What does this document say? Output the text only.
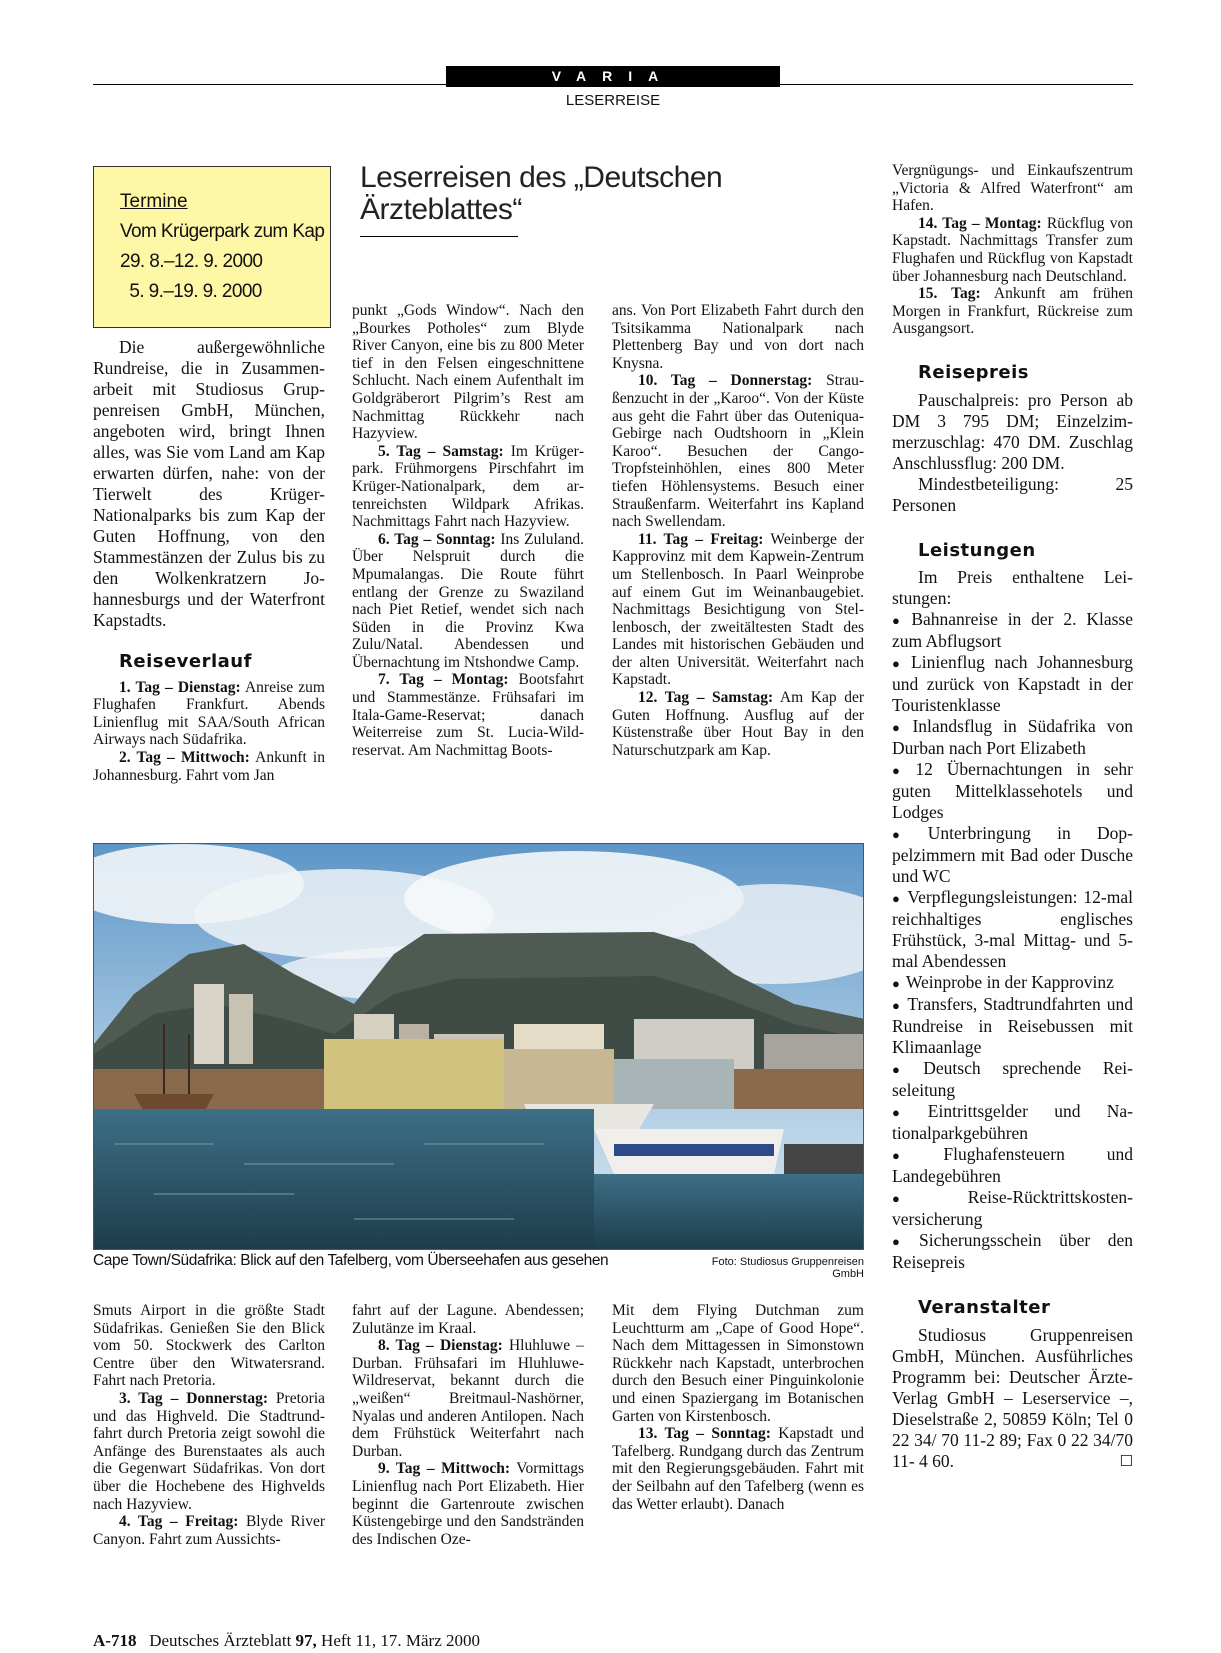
VARIA
LESERREISE
Termine
Vom Krügerpark zum Kap
29. 8.–12. 9. 2000
5. 9.–19. 9. 2000
Leserreisen des „Deutschen
Ärzteblattes“

Die außergewöhnliche Rundreise, die in Zusammenarbeit mit Studiosus Gruppenreisen GmbH, München, angeboten wird, bringt Ihnen alles, was Sie vom Land am Kap erwarten dürfen, nahe: von der Tierwelt des Krüger-Nationalparks bis zum Kap der Guten Hoffnung, von den Stammestänzen der Zulus bis zu den Wolkenkratzern Johannesburgs und der Waterfront Kapstadts.

Reiseverlauf

1. Tag – Dienstag: Anreise zum Flughafen Frankfurt. Abends Linienflug mit SAA/South African Airways nach Südafrika.

2. Tag – Mittwoch: Ankunft in Johannesburg. Fahrt vom Jan

punkt „Gods Window“. Nach den „Bourkes Potholes“ zum Blyde River Canyon, eine bis zu 800 Meter tief in den Felsen eingeschnittene Schlucht. Nach einem Aufenthalt im Goldgräberort Pilgrim’s Rest am Nachmittag Rückkehr nach Hazyview.

5. Tag – Samstag: Im Krügerpark. Frühmorgens Pirschfahrt im Krüger-Nationalpark, dem artenreichsten Wildpark Afrikas. Nachmittags Fahrt nach Hazyview.

6. Tag – Sonntag: Ins Zululand. Über Nelspruit durch die Mpumalangas. Die Route führt entlang der Grenze zu Swaziland nach Piet Retief, wendet sich nach Süden in die Provinz Kwa Zulu/Natal. Abendessen und Übernachtung im Ntshondwe Camp.

7. Tag – Montag: Bootsfahrt und Stammestänze. Frühsafari im Itala-Game-Reservat; danach Weiterreise zum St. Lucia-Wildreservat. Am Nachmittag Boots-

ans. Von Port Elizabeth Fahrt durch den Tsitsikamma Nationalpark nach Plettenberg Bay und von dort nach Knysna.

10. Tag – Donnerstag: Straußenzucht in der „Karoo“. Von der Küste aus geht die Fahrt über das Outeniqua-Gebirge nach Oudtshoorn in „Klein Karoo“. Besuchen der Cango-Tropfsteinhöhlen, eines 800 Meter tiefen Höhlensystems. Besuch einer Straußenfarm. Weiterfahrt ins Kapland nach Swellendam.

11. Tag – Freitag: Weinberge der Kapprovinz mit dem Kapwein-Zentrum um Stellenbosch. In Paarl Weinprobe auf einem Gut im Weinanbaugebiet. Nachmittags Besichtigung von Stellenbosch, der zweitältesten Stadt des Landes mit historischen Gebäuden und der alten Universität. Weiterfahrt nach Kapstadt.

12. Tag – Samstag: Am Kap der Guten Hoffnung. Ausflug auf der Küstenstraße über Hout Bay in den Naturschutzpark am Kap.

Vergnügungs- und Einkaufszentrum „Victoria & Alfred Waterfront“ am Hafen.

14. Tag – Montag: Rückflug von Kapstadt. Nachmittags Transfer zum Flughafen und Rückflug von Kapstadt über Johannesburg nach Deutschland.

15. Tag: Ankunft am frühen Morgen in Frankfurt, Rückreise zum Ausgangsort.

Reisepreis

Pauschalpreis: pro Person ab DM 3 795 DM; Einzelzimmerzuschlag: 470 DM. Zuschlag Anschlussflug: 200 DM.

Mindestbeteiligung: 25 Personen

Leistungen

Im Preis enthaltene Leistungen:

● Bahnanreise in der 2. Klasse zum Abflugsort

● Linienflug nach Johannesburg und zurück von Kapstadt in der Touristenklasse

● Inlandsflug in Südafrika von Durban nach Port Elizabeth

● 12 Übernachtungen in sehr guten Mittelklassehotels und Lodges

● Unterbringung in Doppelzimmern mit Bad oder Dusche und WC

● Verpflegungsleistungen: 12-mal reichhaltiges englisches Frühstück, 3-mal Mittag- und 5-mal Abendessen

● Weinprobe in der Kapprovinz

● Transfers, Stadtrundfahrten und Rundreise in Reisebussen mit Klimaanlage

● Deutsch sprechende Reiseleitung

● Eintrittsgelder und Nationalparkgebühren

● Flughafensteuern und Landegebühren

● Reise-Rücktrittskostenversicherung

● Sicherungsschein über den Reisepreis

Veranstalter

Studiosus Gruppenreisen GmbH, München. Ausführliches Programm bei: Deutscher Ärzte-Verlag GmbH – Leserservice –, Dieselstraße 2, 50859 Köln; Tel 0 22 34/ 70 11-2 89; Fax 0 22 34/70 11- 4 60.	☐

Cape Town/Südafrika: Blick auf den Tafelberg, vom Überseehafen aus gesehen	Foto: Studiosus Gruppenreisen GmbH

Smuts Airport in die größte Stadt Südafrikas. Genießen Sie den Blick vom 50. Stockwerk des Carlton Centre über den Witwatersrand. Fahrt nach Pretoria.

3. Tag – Donnerstag: Pretoria und das Highveld. Die Stadtrundfahrt durch Pretoria zeigt sowohl die Anfänge des Burenstaates als auch die Gegenwart Südafrikas. Von dort über die Hochebene des Highvelds nach Hazyview.

4. Tag – Freitag: Blyde River Canyon. Fahrt zum Aussichts-

fahrt auf der Lagune. Abendessen; Zulutänze im Kraal.

8. Tag – Dienstag: Hluhluwe – Durban. Frühsafari im Hluhluwe-Wildreservat, bekannt durch die „weißen“ Breitmaul-Nashörner, Nyalas und anderen Antilopen. Nach dem Frühstück Weiterfahrt nach Durban.

9. Tag – Mittwoch: Vormittags Linienflug nach Port Elizabeth. Hier beginnt die Gartenroute zwischen Küstengebirge und den Sandstränden des Indischen Oze-

Mit dem Flying Dutchman zum Leuchtturm am „Cape of Good Hope“. Nach dem Mittagessen in Simonstown Rückkehr nach Kapstadt, unterbrochen durch den Besuch einer Pinguinkolonie und einen Spaziergang im Botanischen Garten von Kirstenbosch.

13. Tag – Sonntag: Kapstadt und Tafelberg. Rundgang durch das Zentrum mit den Regierungsgebäuden. Fahrt mit der Seilbahn auf den Tafelberg (wenn es das Wetter erlaubt). Danach

A-718 Deutsches Ärzteblatt 97, Heft 11, 17. März 2000
